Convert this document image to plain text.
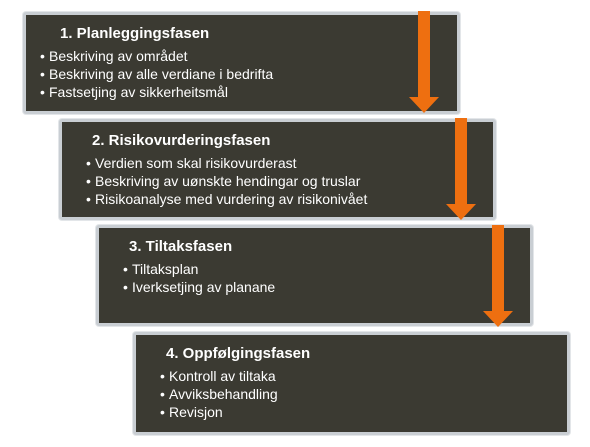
1. Planleggingsfasen
• Beskriving av området
• Beskriving av alle verdiane i bedrifta
• Fastsetjing av sikkerheitsmål
2. Risikovurderingsfasen
• Verdien som skal risikovurderast
• Beskriving av uønskte hendingar og truslar
• Risikoanalyse med vurdering av risikonivået
3. Tiltaksfasen
• Tiltaksplan
• Iverksetjing av planane
4. Oppfølgingsfasen
• Kontroll av tiltaka
• Avviksbehandling
• Revisjon
